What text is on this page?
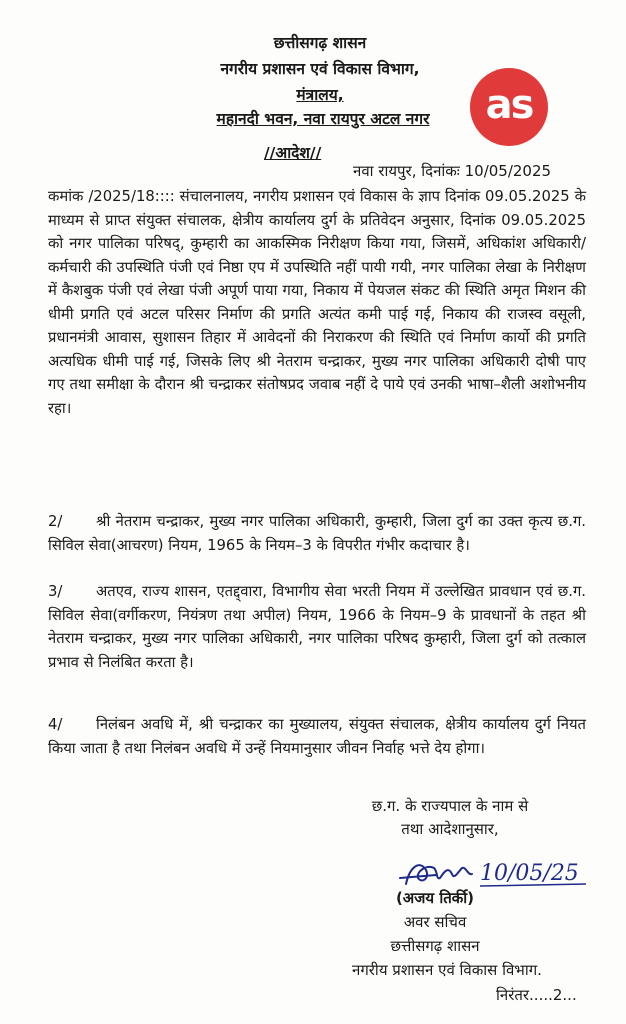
छत्तीसगढ़ शासन
नगरीय प्रशासन एवं विकास विभाग,
मंत्रालय,
महानदी भवन, नवा रायपुर अटल नगर	as
//आदेश//
नवा रायपुर, दिनांकः 10/05/2025

कमांक /2025/18:::: संचालनालय, नगरीय प्रशासन एवं विकास के ज्ञाप दिनांक 09.05.2025 के माध्यम से प्राप्त संयुक्त संचालक, क्षेत्रीय कार्यालय दुर्ग के प्रतिवेदन अनुसार, दिनांक 09.05.2025 को नगर पालिका परिषद्, कुम्हारी का आकस्मिक निरीक्षण किया गया, जिसमें, अधिकांश अधिकारी/कर्मचारी की उपस्थिति पंजी एवं निष्ठा एप में उपस्थिति नहीं पायी गयी, नगर पालिका लेखा के निरीक्षण में कैशबुक पंजी एवं लेखा पंजी अपूर्ण पाया गया, निकाय में पेयजल संकट की स्थिति अमृत मिशन की धीमी प्रगति एवं अटल परिसर निर्माण की प्रगति अत्यंत कमी पाई गई, निकाय की राजस्व वसूली, प्रधानमंत्री आवास, सुशासन तिहार में आवेदनों की निराकरण की स्थिति एवं निर्माण कार्यो की प्रगति अत्यधिक धीमी पाई गई, जिसके लिए श्री नेतराम चन्द्राकर, मुख्य नगर पालिका अधिकारी दोषी पाए गए तथा समीक्षा के दौरान श्री चन्द्राकर संतोषप्रद जवाब नहीं दे पाये एवं उनकी भाषा–शैली अशोभनीय रहा।

2/ श्री नेतराम चन्द्राकर, मुख्य नगर पालिका अधिकारी, कुम्हारी, जिला दुर्ग का उक्त कृत्य छ.ग. सिविल सेवा(आचरण) नियम, 1965 के नियम–3 के विपरीत गंभीर कदाचार है।

3/ अतएव, राज्य शासन, एतद्द्वारा, विभागीय सेवा भरती नियम में उल्लेखित प्रावधान एवं छ.ग. सिविल सेवा(वर्गीकरण, नियंत्रण तथा अपील) नियम, 1966 के नियम–9 के प्रावधानों के तहत श्री नेतराम चन्द्राकर, मुख्य नगर पालिका अधिकारी, नगर पालिका परिषद कुम्हारी, जिला दुर्ग को तत्काल प्रभाव से निलंबित करता है।

4/ निलंबन अवधि में, श्री चन्द्राकर का मुख्यालय, संयुक्त संचालक, क्षेत्रीय कार्यालय दुर्ग नियत किया जाता है तथा निलंबन अवधि में उन्हें नियमानुसार जीवन निर्वाह भत्ते देय होगा।

छ.ग. के राज्यपाल के नाम से
तथा आदेशानुसार,
10/05/25
(अजय तिर्की)
अवर सचिव
छत्तीसगढ़ शासन
नगरीय प्रशासन एवं विकास विभाग.
निरंतर.....2...
